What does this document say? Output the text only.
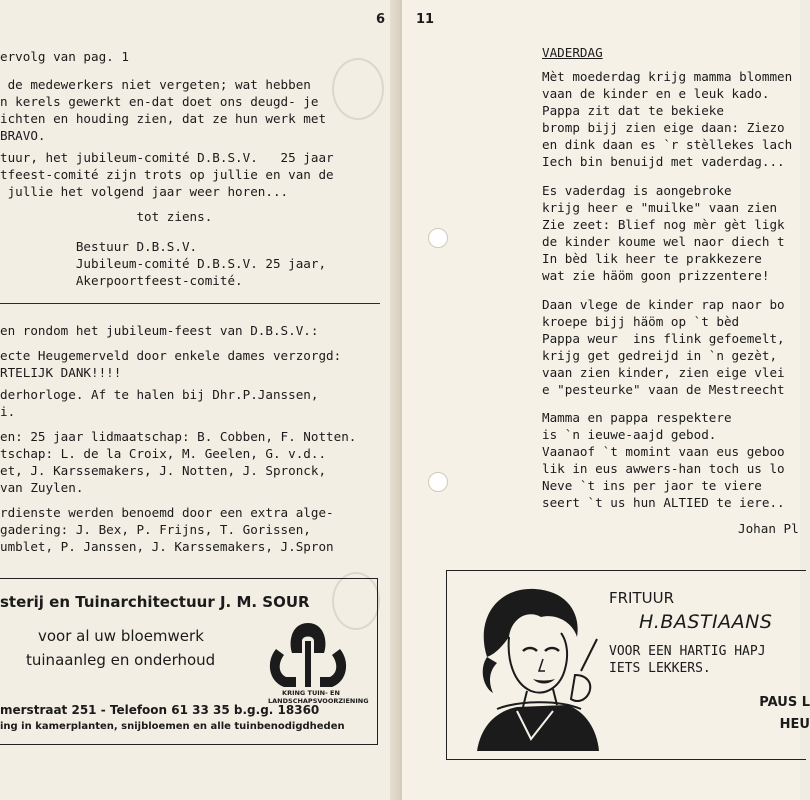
6
ervolg van pag. 1
de medewerkers niet vergeten; wat hebben
n kerels gewerkt en-dat doet ons deugd- je
ichten en houding zien, dat ze hun werk met
BRAVO.
tuur, het jubileum-comité D.B.S.V.   25 jaar
tfeest-comité zijn trots op jullie en van de
jullie het volgend jaar weer horen...
tot ziens.
Bestuur D.B.S.V.
Jubileum-comité D.B.S.V. 25 jaar,
Akerpoortfeest-comité.
en rondom het jubileum-feest van D.B.S.V.:
ecte Heugemerveld door enkele dames verzorgd:
RTELIJK DANK!!!!
derhorloge. Af te halen bij Dhr.P.Janssen,
i.
en: 25 jaar lidmaatschap: B. Cobben, F. Notten.
tschap: L. de la Croix, M. Geelen, G. v.d..
et, J. Karssemakers, J. Notten, J. Spronck,
van Zuylen.
rdienste werden benoemd door een extra alge-
gadering: J. Bex, P. Frijns, T. Gorissen,
umblet, P. Janssen, J. Karssemakers, J.Spron
sterij en Tuinarchitectuur J. M. SOUR
voor al uw bloemwerk
tuinaanleg en onderhoud
KRING TUIN- EN LANDSCHAPSVOORZIENING
merstraat 251 - Telefoon 61 33 35 b.g.g. 18360
ing in kamerplanten, snijbloemen en alle tuinbenodigdheden
11
VADERDAG
Mèt moederdag krijg mamma blommen
vaan de kinder en e leuk kado.
Pappa zit dat te bekieke
bromp bijj zien eige daan: Ziezo
en dink daan es `r stèllekes lach
Iech bin benuijd met vaderdag...
Es vaderdag is aongebroke
krijg heer e "muilke" vaan zien
Zie zeet: Blief nog mèr gèt ligk
de kinder koume wel naor diech t
In bèd lik heer te prakkezere
wat zie häöm goon prizzentere!
Daan vlege de kinder rap naor bo
kroepe bijj häöm op `t bèd
Pappa weur  ins flink gefoemelt,
krijg get gedreijd in `n gezèt,
vaan zien kinder, zien eige vlei
e "pesteurke" vaan de Mestreecht
Mamma en pappa respektere
is `n ieuwe-aajd gebod.
Vaanaof `t momint vaan eus geboo
lik in eus awwers-han toch us lo
Neve `t ins per jaor te viere
seert `t us hun ALTIED te iere..
Johan Pl
FRITUUR
H.BASTIAANS
VOOR EEN HARTIG HAPJ
IETS LEKKERS.
PAUS L
HEU
